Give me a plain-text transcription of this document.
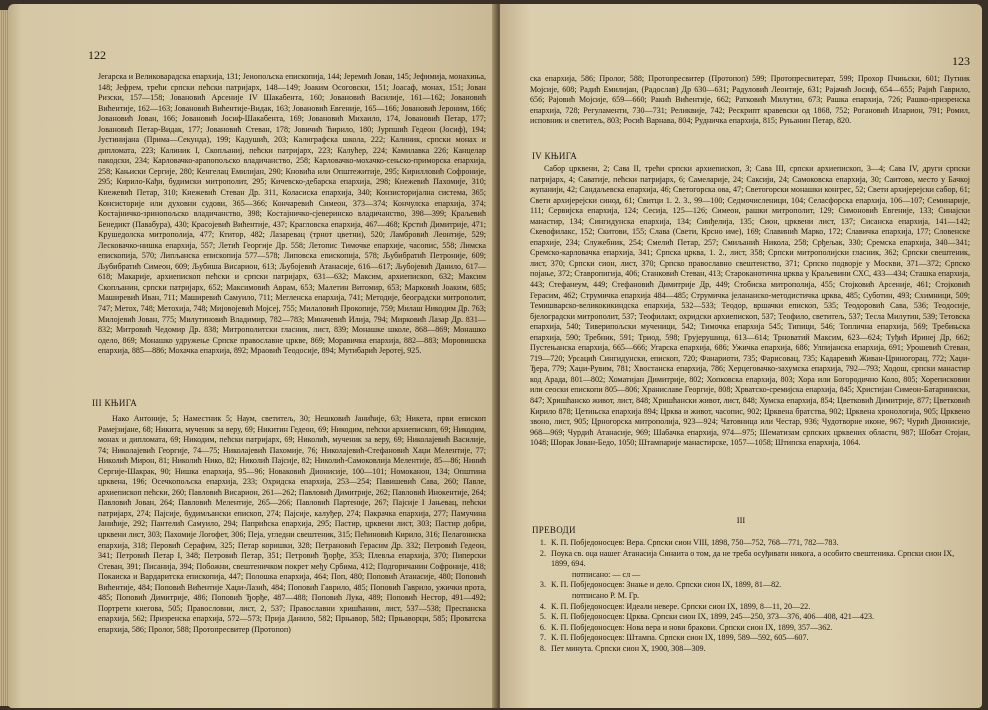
122
Јегарска и Великоварадска епархија, 131; Јеиопољска епископија, 144; Јеремић Јован, 145; Јефимија, монахиња, 148; Јефрем, трећи српски пећски патријарх, 148—149; Јоаким Осоговски, 151; Јоасаф, монах, 151; Јован Ризски, 157—158; Јовановић Арсеније IV Шакабента, 160; Јовановић Василије, 161—162; Јовановић Вићентије, 162—163; Јовановић Вићентије-Видак, 163; Јовановић Евгеније, 165—166; Јовановић Јероним, 166; Јовановић Јован, 166; Јовановић Јосиф-Шакабента, 169; Јовановић Михаило, 174, Јовановић Петар, 177; Јовановић Петар-Видак, 177; Јовановић Стеван, 178; Јовичић Ћирило, 180; Јурпшић Гедеон (Јосиф), 194; Јустинијана (Прима—Секунда), 199; Кадушић, 203; Калиграфска школа, 222; Калиник, српски монах и дипломата, 223; Калиник I, Скопљаниј, пећски патријарх, 223; Калућер, 224; Камилавка 226; Канцелар пакодски, 234; Карловачко-арапопољско владичанство, 258; Карловачко-мохачко-сењско-приморска епархија, 258; Кањиски Сергије, 280; Кенгелац Емилијан, 290; Кновића или Општежитије, 295; Кирилловић Софроније, 295; Кирило-Кађи, будимски митрополит, 295; Кичевско-дебарска епархија, 298; Кнежевић Пахомије, 310; Кнежевић Петар, 310; Кнежевић Стеван Др. 311, Коласиска епархија, 340; Конзисторијална система, 365; Консисторије или духовни судови, 365—366; Кончаревић Симеон, 373—374; Кончулска епархија, 374; Костајничко-зринопољско владичанство, 398; Костајничко-сјеверинско владичанство, 398—399; Краљевић Бенедикт (Павабура), 430; Красојевић Вићентије, 437; Крагловска епархија, 467—468; Крстић Димитрије, 471; Крушедолска митрополија, 477; Ктитор, 482; Лазаревац (трнот цветни), 520; Ламбровић Леонтије, 529; Лесковачко-нишка епархија, 557; Летић Георгије Др. 558; Летопис Тимочке епархије, часопис, 558; Лимска епископија, 570; Липљанска епископија 577—578; Липовска епископија, 578; Љубибратић Петроније, 609; Љубибратић Симеон, 609; Љубиша Висарион, 613; Љубојевић Атанасије, 616—617; Љубојевић Данило, 617—618; Макарије, архиепископ пећски и српски патријарх, 631—632; Максим, архиепископ, 632; Максим Скопљанин, српски патријарх, 652; Максимовић Аврам, 653; Малетин Витомир, 653; Марковић Јоаким, 685; Маширевић Иван, 711; Маширевић Самуило, 711; Мегленска епархија, 741; Методије, београдски митрополит, 747; Метох, 748; Метохија, 748; Мијовојевић Мојсеј, 755; Милаловић Прокопије, 759; Милаш Никодим Др. 763; Милојевић Јован, 775; Милутиновић Владимир, 782—783; Миначевић Илија, 794; Мирковић Лазар Др. 831—832; Митровић Чедомир Др. 838; Митрополитски гласник, лист, 839; Монашке школе, 868—869; Монашко оделo, 869; Монашко удружење Српске православне цркве, 869; Моравичка епархија, 882—883; Моровишска епархија, 885—886; Мохачка епархија, 892; Мраовић Теодосије, 894; Мутибарић Јеротеј, 925.
III КЊИГА
Нако Антоније, 5; Наместник 5; Наум, светитељ, 30; Нешковић Јанићије, 63; Никета, први епископ Рамејзијане, 68; Никита, мученик за веру, 69; Никитин Гедеон, 69; Никодим, пећски архиепископ, 69; Никодим, монах и дипломата, 69; Никодим, пећски патријарх, 69; Николић, мученик за веру, 69; Николајевић Василије, 74; Николајевић Георгије, 74—75; Николајевић Пахомије, 76; Николајевић-Стефановић Хаџи Мелентије, 77; Николић Мирон, 81; Николић Нико, 82; Николић Пајсије, 82; Николић-Самоковлија Мелентије, 85—86; Нинић Сергије-Шакрак, 90; Нишка епархија, 95—96; Новаковић Дионисије, 100—101; Номоканон, 134; Општина црквена, 196; Осечкопољска епархија, 233; Охридска епархија, 253—254; Павишевић Сава, 260; Павле, архиепископ пећски, 260; Павловић Висарион, 261—262; Павловић Димитрије, 262; Павловић Инокентије, 264; Павловић Јован, 264; Павловић Мелентије, 265—266; Павловић Партеније, 267; Пајсије I Јањевац, пећски патријарх, 274; Пајсије, будимљански епископ, 274; Пајсије, калуђер, 274; Пакрачка епархија, 277; Памучина Јанићије, 292; Пантелић Самуило, 294; Паприћска епархија, 295; Пастир, црквени лист, 303; Пастир добри, црквени лист, 303; Пахомије Логофет, 306; Пеја, угледни свештеник, 315; Пећиновић Кирило, 316; Пелагониска епархија, 318; Перовић Серафим, 325; Петар коришки, 328; Петрановић Герасим Др. 332; Петровић Гедеон, 341; Петровић Петар I, 348; Петровић Петар, 351; Петровић Ђорђе, 353; Плевља епархија, 370; Пиперски Стеван, 391; Писанија, 394; Побожни, свештеничком покрет међу Србима, 412; Подгоричанин Софроније, 418; Покаиска и Вардаритска епископија, 447; Полошка епархија, 464; Поп, 480; Поповић Атанасије, 480; Поповић Вићентије, 484; Поповић Вићентије Хаџи-Лазић, 484; Поповић Гаврило, 485; Поповић Гаврило, ужички прота, 485; Поповић Димитрије, 486; Поповић Ђорђе, 487—488; Поповић Лука, 489; Поповић Нестор, 491—492; Портрети кнегова, 505; Правословни, лист, 2, 537; Православни хришћанин, лист, 537—538; Преспанска епархија, 562; Призренска епархија, 572—573; Прија Данило, 582; Прњавор, 582; Прњаворци, 585; Проватска епархија, 586; Пролог, 588; Протопресвитер (Протопоп)
123
ска епархија, 586; Пролог, 588; Протопресвитер (Протопоп) 599; Протопресвитерат, 599; Прохор Пчињски, 601; Путник Мојсије, 608; Радић Емилијан, (Радослав) Др 630—631; Радуловић Леонтије, 631; Рајачић Јосиф, 654—655; Рајић Гаврило, 656; Рајовић Мојсије, 659—660; Ракић Вићентије, 662; Ратковић Милутин, 673; Рашка епархија, 726; Рашко-призренска епархија, 728; Регуламенти, 730—731; Реликвије, 742; Рескрипт кравевски од 1868, 752; Рогановић Иларион, 791; Ромил, исповник и светитељ, 803; Росић Варнава, 804; Рудничка епархија, 815; Руњанин Петар, 820.
IV КЊИГА
Сабор црквени, 2; Сава II, трећи српски архиепископ, 3; Сава III, српски архиепископ, 3—4; Сава IV, други српски патријарх, 4; Саватије, пећски патријарх, 6; Самеларије, 24; Саксији, 24; Самоковска епархија, 30; Саитово, место у Бачкој жупанији, 42; Сандаљевска епархија, 46; Светогорска ова, 47; Светогорски монашки конгрес, 52; Свети архијерејски сабор, 61; Свети архијерејски синод, 61; Свитци 1. 2. 3., 99—100; Седмочисленици, 104; Селасфорска епархија, 106—107; Семинарије, 111; Сервијска епархија, 124; Сесија, 125—126; Симеон, рашки митрополит, 129; Симоновић Евгеније, 133; Синајски манастир, 134; Сингидунска епархија, 134; Синђелија, 135; Сион, црквени лист, 137; Сисанска епархија, 141—142; Скевофилакс, 152; Скитови, 155; Слава (Свети, Крсно име), 169; Славинић Марко, 172; Славичка епархија, 177; Словенске епархије, 234; Служебник, 254; Смелић Петар, 257; Смиљанић Никола, 258; Срђељак, 330; Сремска епархија, 340—341; Сремско-карловачка епархија, 341; Српска црква, 1. 2., лист, 358; Српски митрополијски гласник, 362; Српски свештеник, лист, 370; Српски сион, лист, 370; Српско православно свештенство, 371; Српско подворје у Москви, 371—372; Српско појање, 372; Ставропигија, 406; Станковић Стеван, 413; Староканотична црква у Краљевини СХС, 433—434; Сташка епархија, 443; Стефанеум, 449; Стефановић Димитрије Др, 449; Стобиска митрополија, 455; Стојковић Арсеније, 461; Стојковић Герасим, 462; Струмичка епархија 484—485; Струмичка јелананско-методистичка црква, 485; Суботин, 493; Схимници, 509; Темишварско-великокикиндска епархија, 532—533; Теодор, вршачки епископ, 535; Теодоровић Сава, 536; Теодосије, бјелоградски митрополит, 537; Теофилакт, охридски архиепископ, 537; Теофило, светитељ, 537; Тесла Милутин, 539; Тетовска епархија, 540; Тиверипољски мученици, 542; Тимочка епархија 545; Типици, 546; Топлична епархија, 569; Требињска епархија, 590; Требник, 591; Триод, 598; Грујерушица, 613—614; Трноватий Максим, 623—624; Туђић Иринеј Др, 662; Пустењанска епархија, 665—666; Угарска епархија, 686; Ужичка епархија, 686; Улпијанска епархија, 691; Урошевић Стеван, 719—720; Урсацић Сингидунски, епископ, 720; Фанариоти, 735; Фарисовац, 735; Кадаревић Живан-Цриногорац, 772; Хаџи-Ђера, 779; Хаџи-Рувим, 781; Хвостанска епархија, 786; Херцеговачко-захумска епархија, 792—793; Ходош, српски манастир код Арада, 801—802; Хоматијан Димитрије, 802; Хопковска епархија, 803; Хора или Богородично Коло, 805; Хореписковии или сеоски епископи 805—806; Храниславе Георгије, 808; Хрватско-сремијска епархија, 845; Христијан Симеон-Батариниски, 847; Хришћанско живот, лист, 848; Хришћански живот, лист, 848; Хумска епархија, 854; Цветковић Димитрије, 877; Цветковић Кирило 878; Цетињска епархија 894; Црква и живот, часопис, 902; Црквена братства, 902; Црквена хронологија, 905; Црквено звоно, лист, 905; Црногорска митрополија, 923—924; Чатовница или Честар, 936; Чудотворне иконе, 967; Чурић Дионисије, 968—969; Чурдић Атанасије, 969; Шабачка епархија, 974—975; Шематизам српских црквених областн, 987; Шобат Стојан, 1048; Шорак Јован-Бедо, 1050; Штампарије манастирске, 1057—1058; Штипска епархија, 1064.
III
ПРЕВОДИ
1. К. П. Побједоносцев: Вера. Српски сион VIII, 1898, 750—752, 768—771, 782—783.
2. Поука св. оца нашег Атанасија Синаита о том, да не треба осуђивати никога, а особито свештеника. Српски сион IX, 1899, 694.
потписано: — сл —
3. К. П. Побједоносцев: Знање и дело. Српски сион IX, 1899, 81—82.
потписано Р. М. Гр.
4. К. П. Побједоносцев: Идеали невере. Српски сион IX, 1899, 8—11, 20—22.
5. К. П. Побједоносцев: Црква. Српски сион IX, 1899, 245—250, 373—376, 406—408, 421—423.
6. К. П. Побједоносцев: Нова вера и нови бракови. Српски сион IX, 1899, 357—362.
7. К. П. Побједоносцев: Штампа. Српски сион IX, 1899, 589—592, 605—607.
8. Пет минута. Српски сион X, 1900, 308—309.
